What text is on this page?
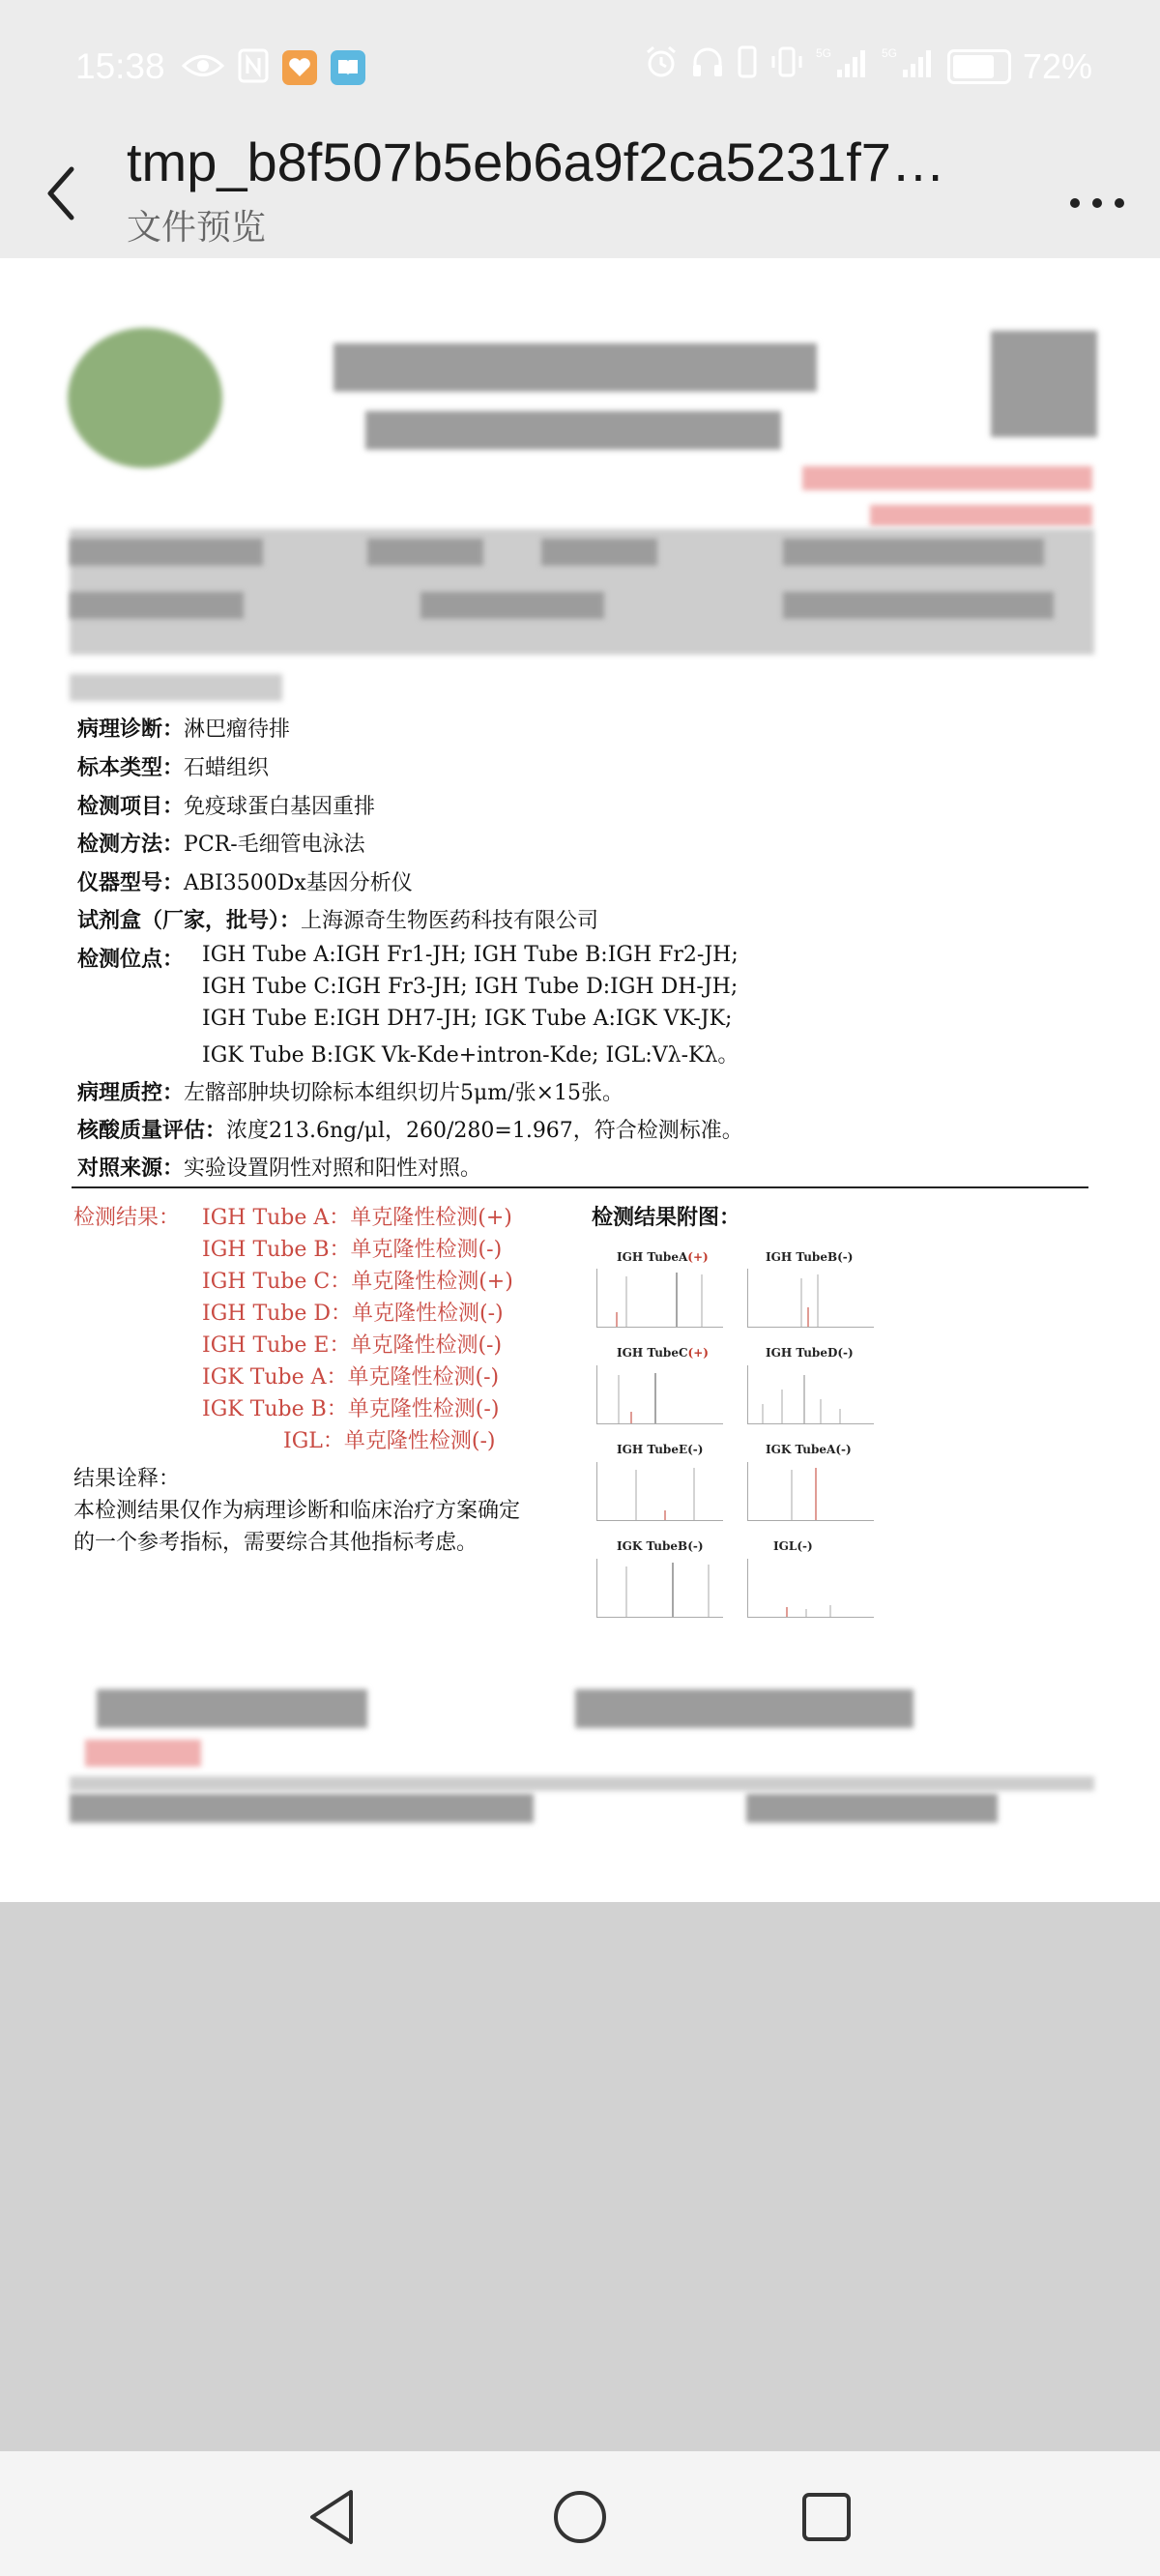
15:38	5G	5G	72%
tmp_b8f507b5eb6a9f2ca5231f7…
文件预览
病理诊断：淋巴瘤待排
标本类型：石蜡组织
检测项目：免疫球蛋白基因重排
检测方法：PCR-毛细管电泳法
仪器型号：ABI3500Dx基因分析仪
试剂盒（厂家，批号）：上海源奇生物医药科技有限公司
检测位点： IGH Tube A:IGH Fr1-JH; IGH Tube B:IGH Fr2-JH;
IGH Tube C:IGH Fr3-JH; IGH Tube D:IGH DH-JH;
IGH Tube E:IGH DH7-JH; IGK Tube A:IGK VK-JK;
IGK Tube B:IGK Vk-Kde+intron-Kde; IGL:Vλ-Kλ。
病理质控：左髂部肿块切除标本组织切片5μm/张×15张。
核酸质量评估：浓度213.6ng/μl，260/280=1.967，符合检测标准。
对照来源：实验设置阴性对照和阳性对照。
检测结果： IGH Tube A：单克隆性检测(+)
IGH Tube B：单克隆性检测(-)
IGH Tube C：单克隆性检测(+)
IGH Tube D：单克隆性检测(-)
IGH Tube E：单克隆性检测(-)
IGK Tube A：单克隆性检测(-)
IGK Tube B：单克隆性检测(-)
IGL：单克隆性检测(-)
检测结果附图：
IGH TubeA(+)	IGH TubeB(-)
IGH TubeC(+)	IGH TubeD(-)
IGH TubeE(-)	IGK TubeA(-)
IGK TubeB(-)	IGL(-)
结果诠释：
本检测结果仅作为病理诊断和临床治疗方案确定
的一个参考指标，需要综合其他指标考虑。
